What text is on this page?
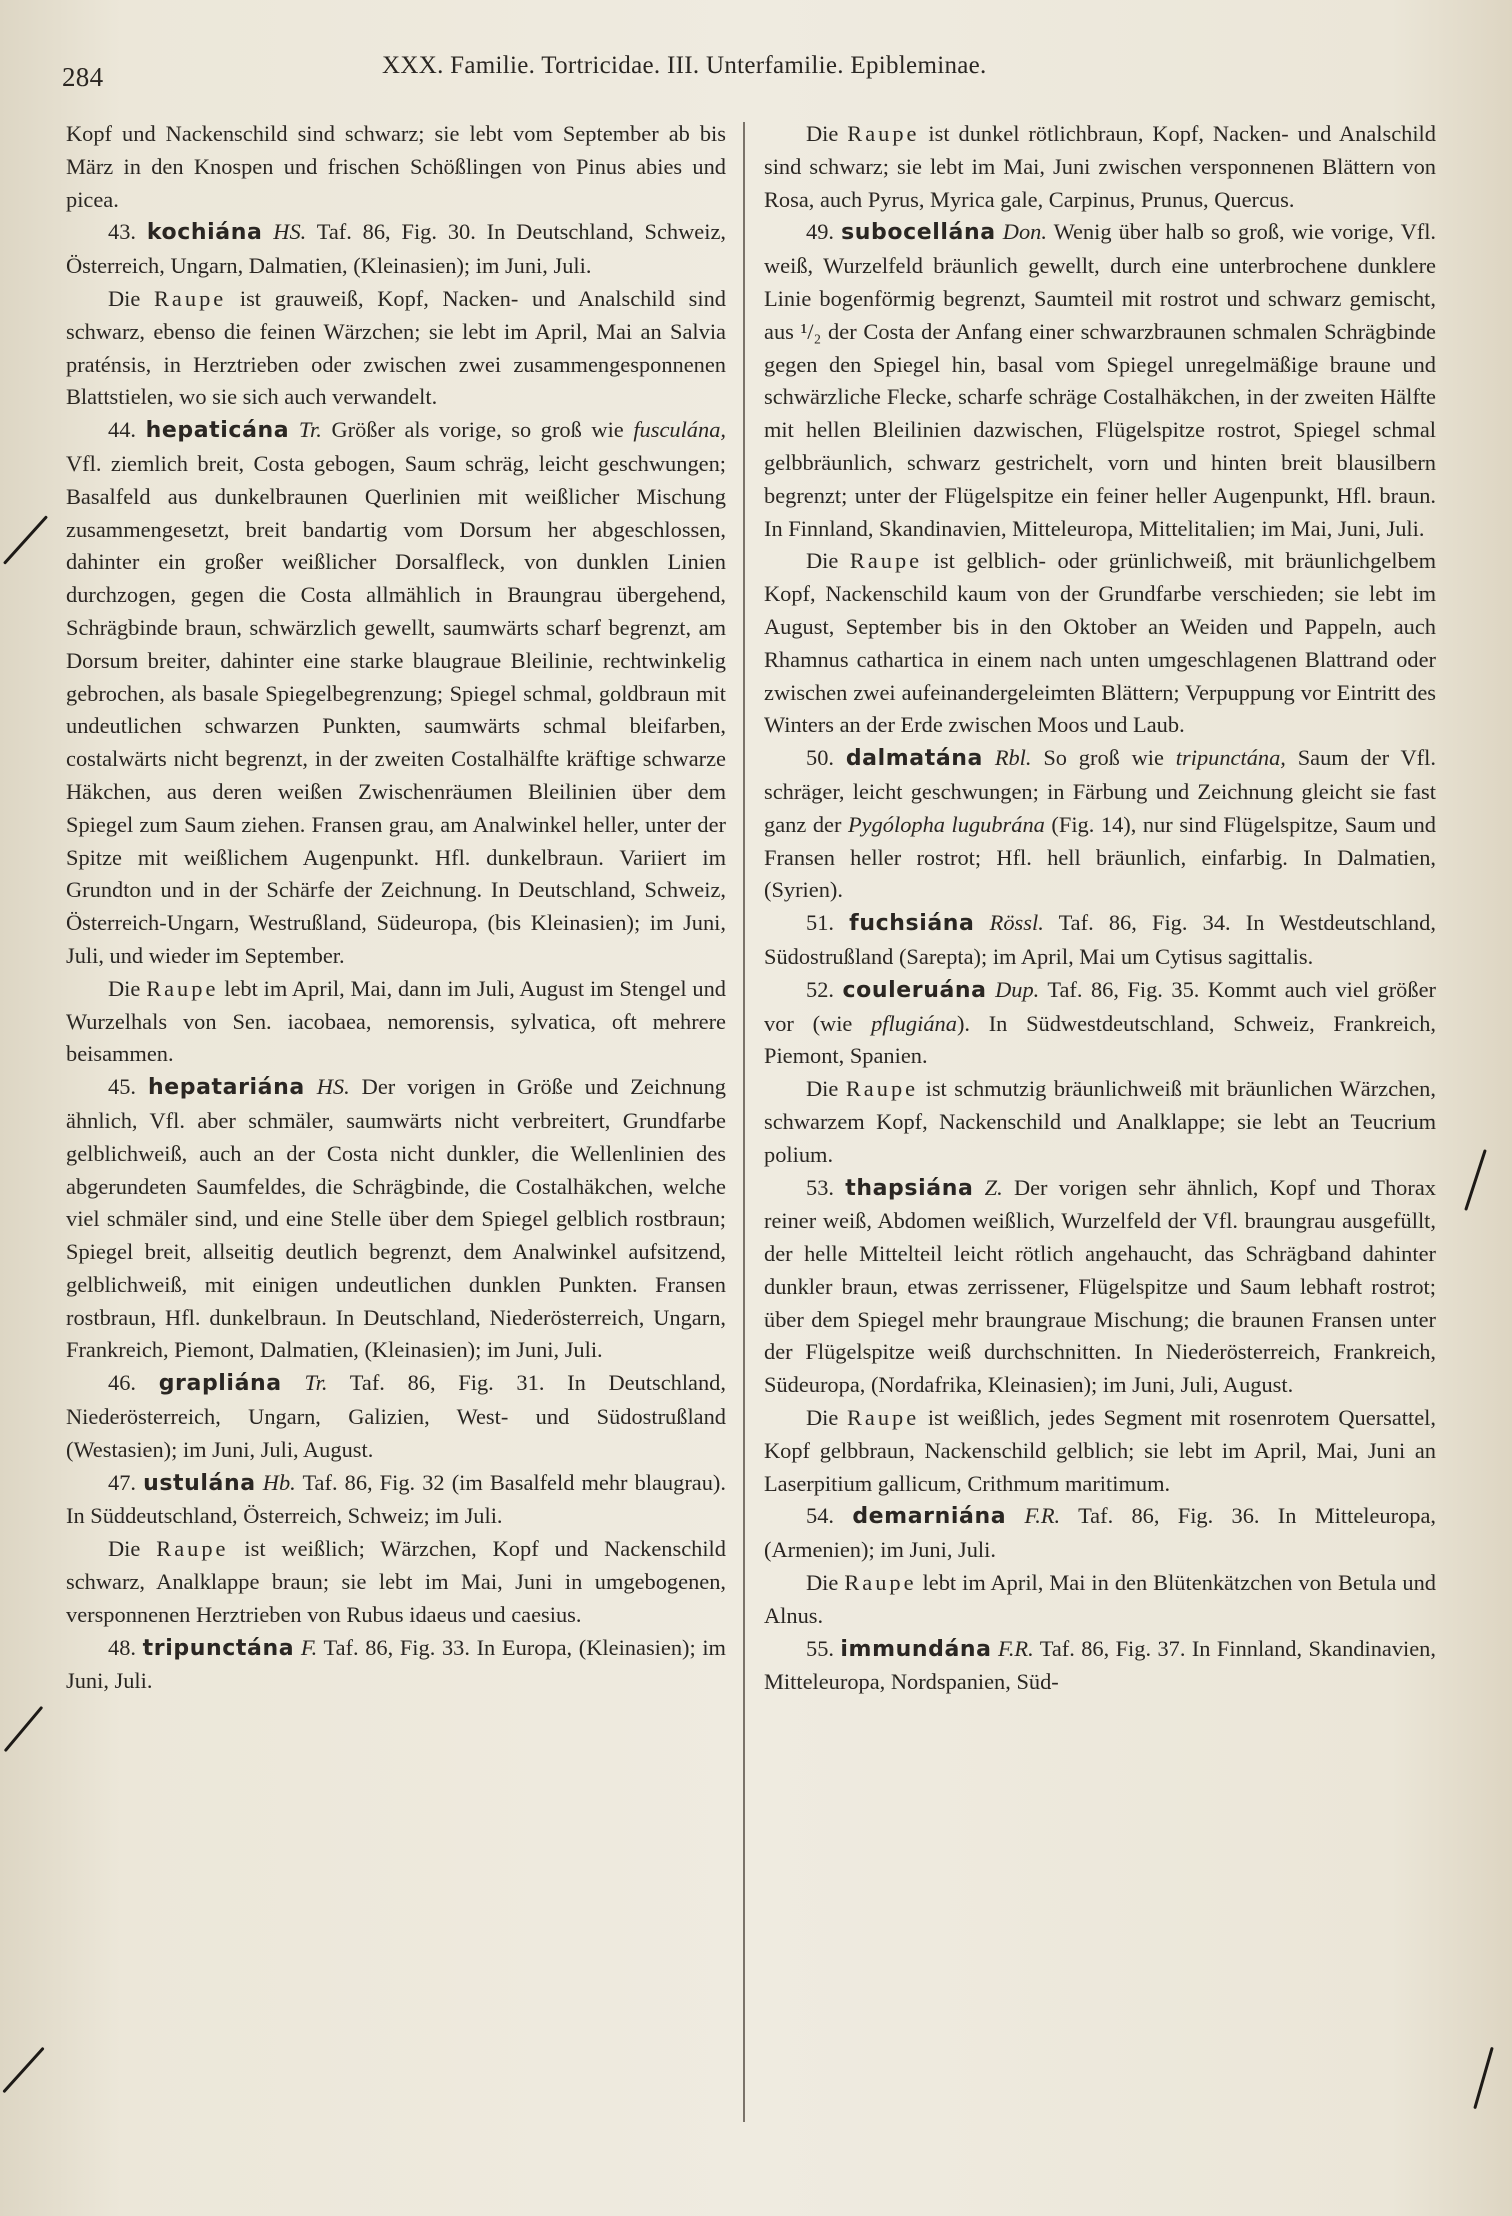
284	XXX. Familie. Tortricidae. III. Unterfamilie. Epibleminae.

Kopf und Nackenschild sind schwarz; sie lebt vom September ab bis März in den Knospen und frischen Schößlingen von Pinus abies und picea.

43. kochiána HS. Taf. 86, Fig. 30. In Deutschland, Schweiz, Österreich, Ungarn, Dalmatien, (Kleinasien); im Juni, Juli.

Die Raupe ist grauweiß, Kopf, Nacken- und Analschild sind schwarz, ebenso die feinen Wärzchen; sie lebt im April, Mai an Salvia praténsis, in Herztrieben oder zwischen zwei zusammengesponnenen Blattstielen, wo sie sich auch verwandelt.

44. hepaticána Tr. Größer als vorige, so groß wie fusculána, Vfl. ziemlich breit, Costa gebogen, Saum schräg, leicht geschwungen; Basalfeld aus dunkelbraunen Querlinien mit weißlicher Mischung zusammengesetzt, breit bandartig vom Dorsum her abgeschlossen, dahinter ein großer weißlicher Dorsalfleck, von dunklen Linien durchzogen, gegen die Costa allmählich in Braungrau übergehend, Schrägbinde braun, schwärzlich gewellt, saumwärts scharf begrenzt, am Dorsum breiter, dahinter eine starke blaugraue Bleilinie, rechtwinkelig gebrochen, als basale Spiegelbegrenzung; Spiegel schmal, goldbraun mit undeutlichen schwarzen Punkten, saumwärts schmal bleifarben, costalwärts nicht begrenzt, in der zweiten Costalhälfte kräftige schwarze Häkchen, aus deren weißen Zwischenräumen Bleilinien über dem Spiegel zum Saum ziehen. Fransen grau, am Analwinkel heller, unter der Spitze mit weißlichem Augenpunkt. Hfl. dunkelbraun. Variiert im Grundton und in der Schärfe der Zeichnung. In Deutschland, Schweiz, Österreich-Ungarn, Westrußland, Südeuropa, (bis Kleinasien); im Juni, Juli, und wieder im September.

Die Raupe lebt im April, Mai, dann im Juli, August im Stengel und Wurzelhals von Sen. iacobaea, nemorensis, sylvatica, oft mehrere beisammen.

45. hepatariána HS. Der vorigen in Größe und Zeichnung ähnlich, Vfl. aber schmäler, saumwärts nicht verbreitert, Grundfarbe gelblichweiß, auch an der Costa nicht dunkler, die Wellenlinien des abgerundeten Saumfeldes, die Schrägbinde, die Costalhäkchen, welche viel schmäler sind, und eine Stelle über dem Spiegel gelblich rostbraun; Spiegel breit, allseitig deutlich begrenzt, dem Analwinkel aufsitzend, gelblichweiß, mit einigen undeutlichen dunklen Punkten. Fransen rostbraun, Hfl. dunkelbraun. In Deutschland, Niederösterreich, Ungarn, Frankreich, Piemont, Dalmatien, (Kleinasien); im Juni, Juli.

46. grapliána Tr. Taf. 86, Fig. 31. In Deutschland, Niederösterreich, Ungarn, Galizien, West- und Südostrußland (Westasien); im Juni, Juli, August.

47. ustulána Hb. Taf. 86, Fig. 32 (im Basalfeld mehr blaugrau). In Süddeutschland, Österreich, Schweiz; im Juli.

Die Raupe ist weißlich; Wärzchen, Kopf und Nackenschild schwarz, Analklappe braun; sie lebt im Mai, Juni in umgebogenen, versponnenen Herztrieben von Rubus idaeus und caesius.

48. tripunctána F. Taf. 86, Fig. 33. In Europa, (Kleinasien); im Juni, Juli.

Die Raupe ist dunkel rötlichbraun, Kopf, Nacken- und Analschild sind schwarz; sie lebt im Mai, Juni zwischen versponnenen Blättern von Rosa, auch Pyrus, Myrica gale, Carpinus, Prunus, Quercus.

49. subocellána Don. Wenig über halb so groß, wie vorige, Vfl. weiß, Wurzelfeld bräunlich gewellt, durch eine unterbrochene dunklere Linie bogenförmig begrenzt, Saumteil mit rostrot und schwarz gemischt, aus ¹/₂ der Costa der Anfang einer schwarzbraunen schmalen Schrägbinde gegen den Spiegel hin, basal vom Spiegel unregelmäßige braune und schwärzliche Flecke, scharfe schräge Costalhäkchen, in der zweiten Hälfte mit hellen Bleilinien dazwischen, Flügelspitze rostrot, Spiegel schmal gelbbräunlich, schwarz gestrichelt, vorn und hinten breit blausilbern begrenzt; unter der Flügelspitze ein feiner heller Augenpunkt, Hfl. braun. In Finnland, Skandinavien, Mitteleuropa, Mittelitalien; im Mai, Juni, Juli.

Die Raupe ist gelblich- oder grünlichweiß, mit bräunlichgelbem Kopf, Nackenschild kaum von der Grundfarbe verschieden; sie lebt im August, September bis in den Oktober an Weiden und Pappeln, auch Rhamnus cathartica in einem nach unten umgeschlagenen Blattrand oder zwischen zwei aufeinandergeleimten Blättern; Verpuppung vor Eintritt des Winters an der Erde zwischen Moos und Laub.

50. dalmatána Rbl. So groß wie tripunctána, Saum der Vfl. schräger, leicht geschwungen; in Färbung und Zeichnung gleicht sie fast ganz der Pygólopha lugubrána (Fig. 14), nur sind Flügelspitze, Saum und Fransen heller rostrot; Hfl. hell bräunlich, einfarbig. In Dalmatien, (Syrien).

51. fuchsiána Rössl. Taf. 86, Fig. 34. In Westdeutschland, Südostrußland (Sarepta); im April, Mai um Cytisus sagittalis.

52. couleruána Dup. Taf. 86, Fig. 35. Kommt auch viel größer vor (wie pflugiána). In Südwestdeutschland, Schweiz, Frankreich, Piemont, Spanien.

Die Raupe ist schmutzig bräunlichweiß mit bräunlichen Wärzchen, schwarzem Kopf, Nackenschild und Analklappe; sie lebt an Teucrium polium.

53. thapsiána Z. Der vorigen sehr ähnlich, Kopf und Thorax reiner weiß, Abdomen weißlich, Wurzelfeld der Vfl. braungrau ausgefüllt, der helle Mittelteil leicht rötlich angehaucht, das Schrägband dahinter dunkler braun, etwas zerrissener, Flügelspitze und Saum lebhaft rostrot; über dem Spiegel mehr braungraue Mischung; die braunen Fransen unter der Flügelspitze weiß durchschnitten. In Niederösterreich, Frankreich, Südeuropa, (Nordafrika, Kleinasien); im Juni, Juli, August.

Die Raupe ist weißlich, jedes Segment mit rosenrotem Quersattel, Kopf gelbbraun, Nackenschild gelblich; sie lebt im April, Mai, Juni an Laserpitium gallicum, Crithmum maritimum.

54. demarniána F.R. Taf. 86, Fig. 36. In Mitteleuropa, (Armenien); im Juni, Juli.

Die Raupe lebt im April, Mai in den Blütenkätzchen von Betula und Alnus.

55. immundána F.R. Taf. 86, Fig. 37. In Finnland, Skandinavien, Mitteleuropa, Nordspanien, Süd-
